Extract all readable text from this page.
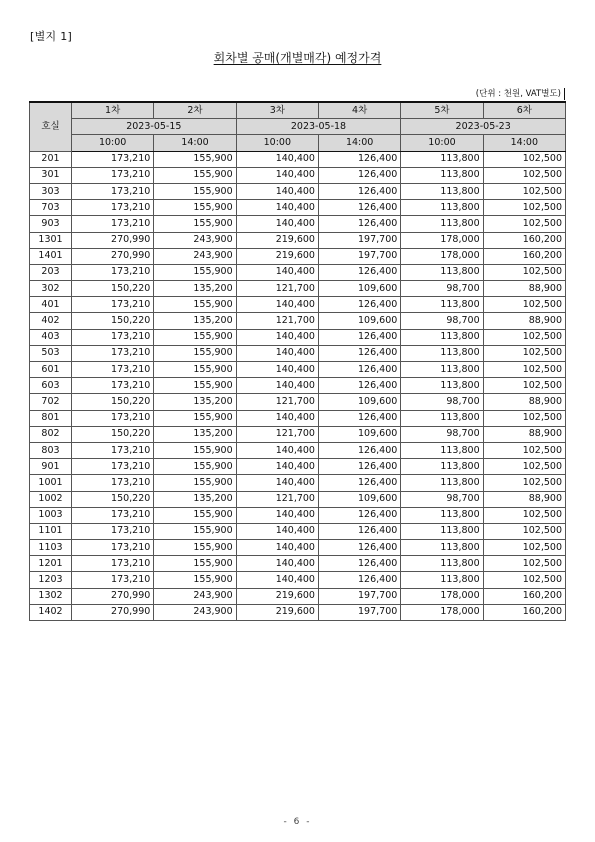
[별지 1]
회차별 공매(개별매각) 예정가격
(단위 : 천원, VAT별도)
호실	1차	2차	3차	4차	5차	6차
	2023-05-15		2023-05-18		2023-05-23	
	10:00	14:00	10:00	14:00	10:00	14:00
201	173,210	155,900	140,400	126,400	113,800	102,500
301	173,210	155,900	140,400	126,400	113,800	102,500
303	173,210	155,900	140,400	126,400	113,800	102,500
703	173,210	155,900	140,400	126,400	113,800	102,500
903	173,210	155,900	140,400	126,400	113,800	102,500
1301	270,990	243,900	219,600	197,700	178,000	160,200
1401	270,990	243,900	219,600	197,700	178,000	160,200
203	173,210	155,900	140,400	126,400	113,800	102,500
302	150,220	135,200	121,700	109,600	98,700	88,900
401	173,210	155,900	140,400	126,400	113,800	102,500
402	150,220	135,200	121,700	109,600	98,700	88,900
403	173,210	155,900	140,400	126,400	113,800	102,500
503	173,210	155,900	140,400	126,400	113,800	102,500
601	173,210	155,900	140,400	126,400	113,800	102,500
603	173,210	155,900	140,400	126,400	113,800	102,500
702	150,220	135,200	121,700	109,600	98,700	88,900
801	173,210	155,900	140,400	126,400	113,800	102,500
802	150,220	135,200	121,700	109,600	98,700	88,900
803	173,210	155,900	140,400	126,400	113,800	102,500
901	173,210	155,900	140,400	126,400	113,800	102,500
1001	173,210	155,900	140,400	126,400	113,800	102,500
1002	150,220	135,200	121,700	109,600	98,700	88,900
1003	173,210	155,900	140,400	126,400	113,800	102,500
1101	173,210	155,900	140,400	126,400	113,800	102,500
1103	173,210	155,900	140,400	126,400	113,800	102,500
1201	173,210	155,900	140,400	126,400	113,800	102,500
1203	173,210	155,900	140,400	126,400	113,800	102,500
1302	270,990	243,900	219,600	197,700	178,000	160,200
1402	270,990	243,900	219,600	197,700	178,000	160,200
- 6 -
